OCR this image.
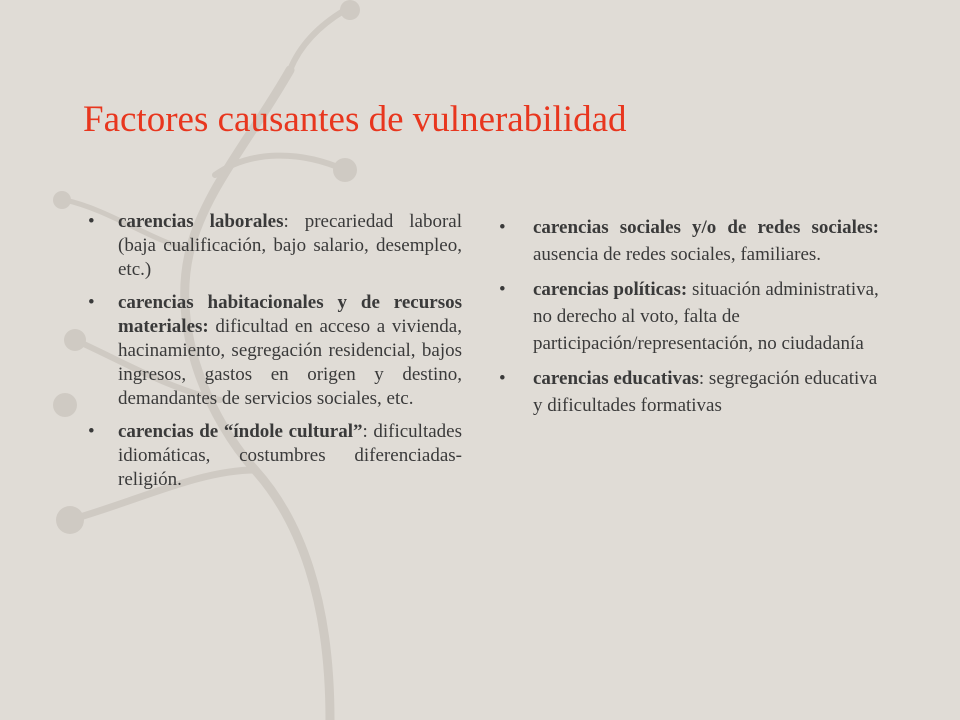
Factores causantes de vulnerabilidad
• carencias laborales: precariedad laboral (baja cualificación, bajo salario, desempleo, etc.)
• carencias habitacionales y de recursos materiales: dificultad en acceso a vivienda, hacinamiento, segregación residencial, bajos ingresos, gastos en origen y destino, demandantes de servicios sociales, etc.
• carencias de “índole cultural”: dificultades idiomáticas, costumbres diferenciadas- religión.
• carencias sociales y/o de redes sociales: ausencia de redes sociales, familiares.
• carencias políticas: situación administrativa, no derecho al voto, falta de participación/representación, no ciudadanía
• carencias educativas: segregación educativa y dificultades formativas
